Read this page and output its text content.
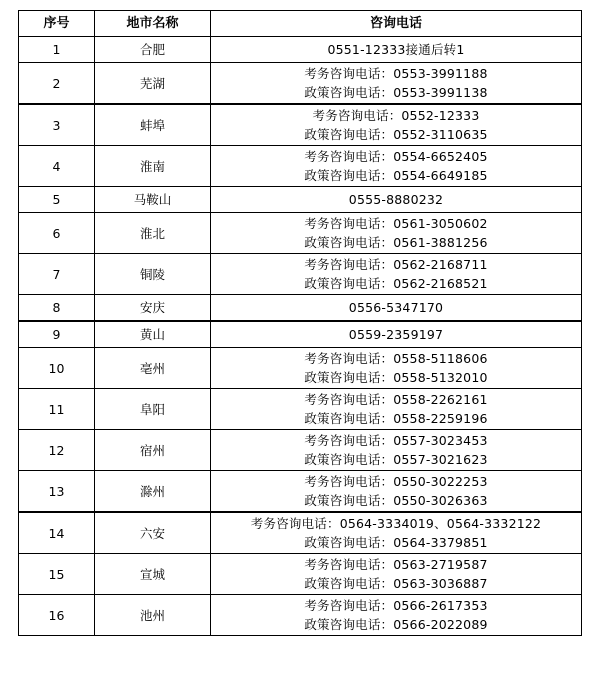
序号	地市名称	咨询电话
1	合肥	0551-12333接通后转1

2	芜湖	考务咨询电话：0553-3991188
政策咨询电话：0553-3991138

3	蚌埠	考务咨询电话：0552-12333
政策咨询电话：0552-3110635

4	淮南	考务咨询电话：0554-6652405
政策咨询电话：0554-6649185

5	马鞍山	0555-8880232

6	淮北	考务咨询电话：0561-3050602
政策咨询电话：0561-3881256

7	铜陵	考务咨询电话：0562-2168711
政策咨询电话：0562-2168521

8	安庆	0556-5347170

9	黄山	0559-2359197

10	亳州	考务咨询电话：0558-5118606
政策咨询电话：0558-5132010

11	阜阳	考务咨询电话：0558-2262161
政策咨询电话：0558-2259196

12	宿州	考务咨询电话：0557-3023453
政策咨询电话：0557-3021623

13	滁州	考务咨询电话：0550-3022253
政策咨询电话：0550-3026363

14	六安	考务咨询电话：0564-3334019、0564-3332122
政策咨询电话：0564-3379851

15	宣城	考务咨询电话：0563-2719587
政策咨询电话：0563-3036887

16	池州	考务咨询电话：0566-2617353
政策咨询电话：0566-2022089
